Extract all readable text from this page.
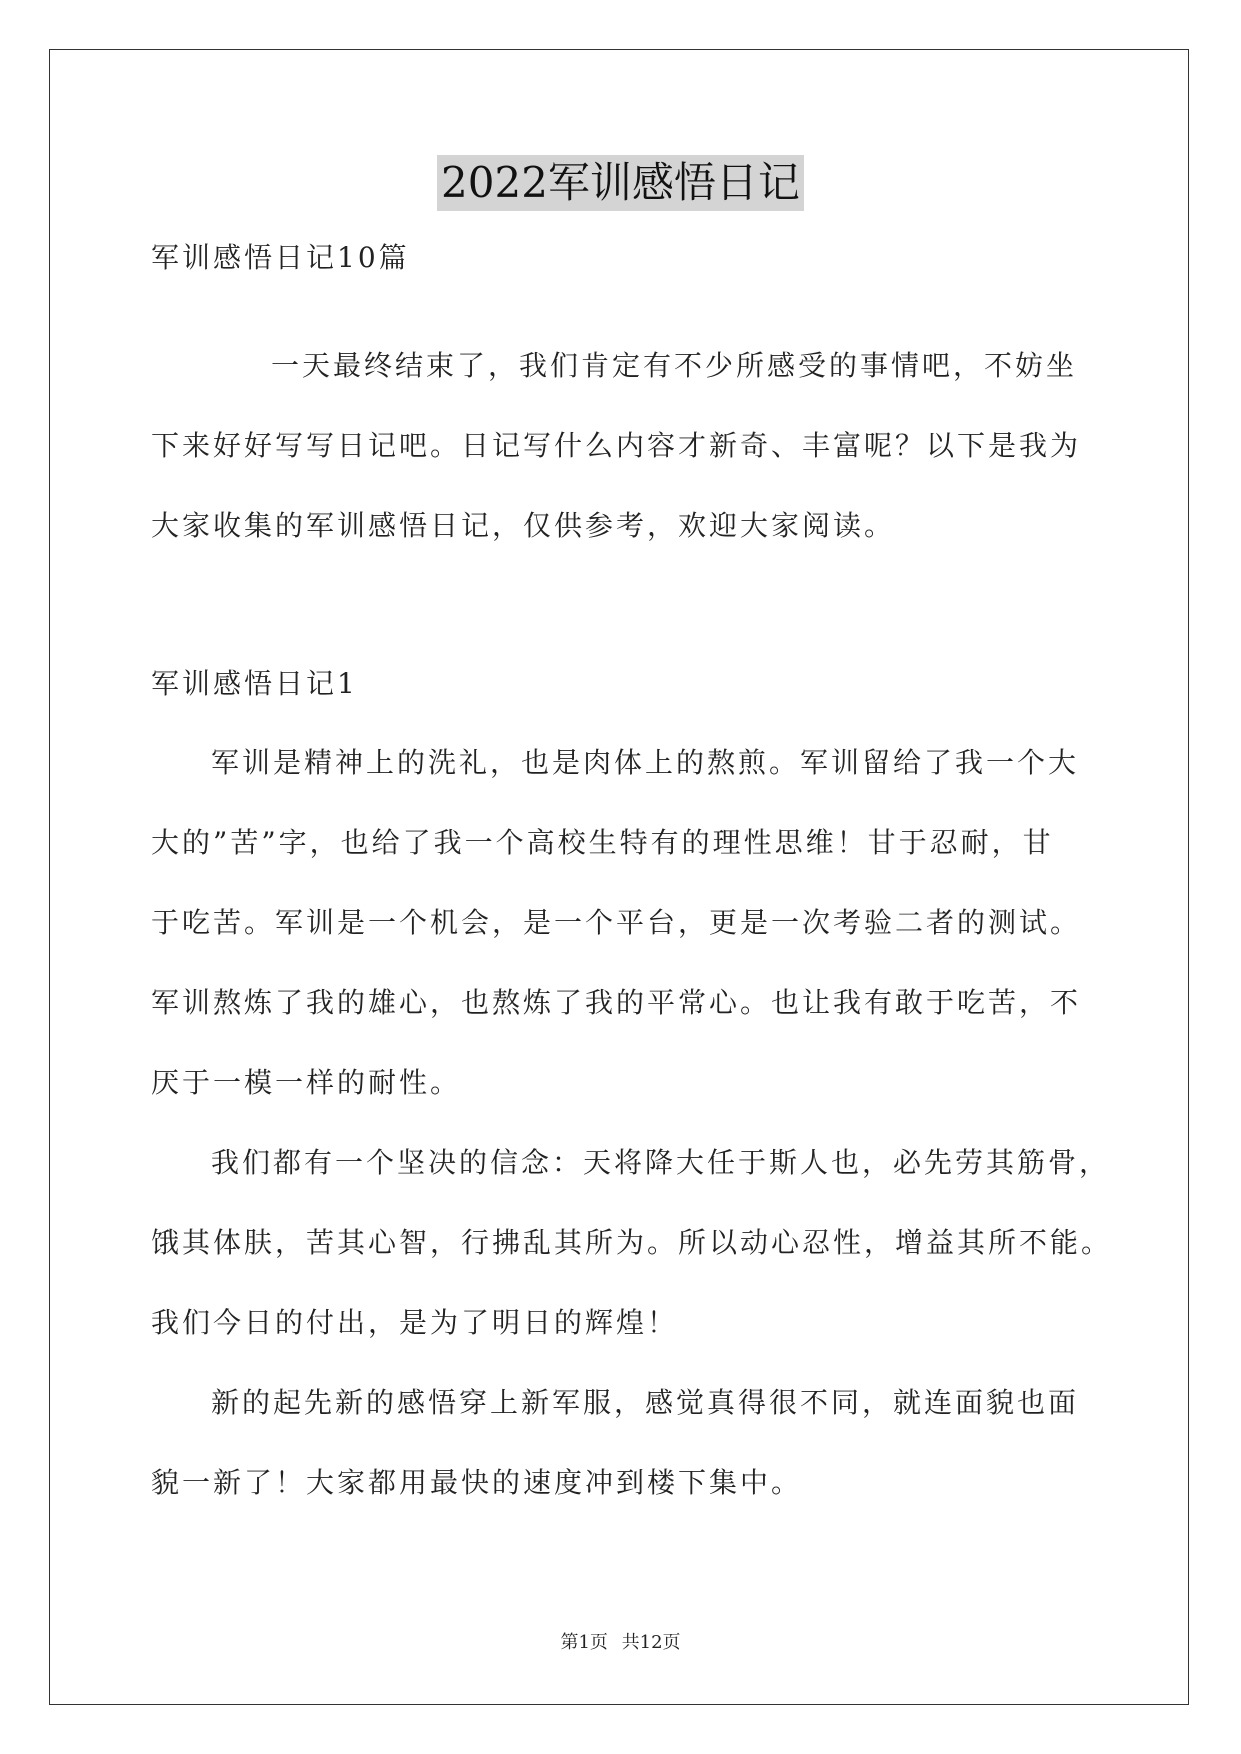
2022军训感悟日记
军训感悟日记10篇
一天最终结束了，我们肯定有不少所感受的事情吧，不妨坐
下来好好写写日记吧。日记写什么内容才新奇、丰富呢？以下是我为
大家收集的军训感悟日记，仅供参考，欢迎大家阅读。
军训感悟日记1
军训是精神上的洗礼，也是肉体上的熬煎。军训留给了我一个大
大的”苦”字，也给了我一个高校生特有的理性思维！甘于忍耐，甘
于吃苦。军训是一个机会，是一个平台，更是一次考验二者的测试。
军训熬炼了我的雄心，也熬炼了我的平常心。也让我有敢于吃苦，不
厌于一模一样的耐性。
我们都有一个坚决的信念：天将降大任于斯人也，必先劳其筋骨，
饿其体肤，苦其心智，行拂乱其所为。所以动心忍性，增益其所不能。
我们今日的付出，是为了明日的辉煌！
新的起先新的感悟穿上新军服，感觉真得很不同，就连面貌也面
貌一新了！大家都用最快的速度冲到楼下集中。
第1页 共12页
